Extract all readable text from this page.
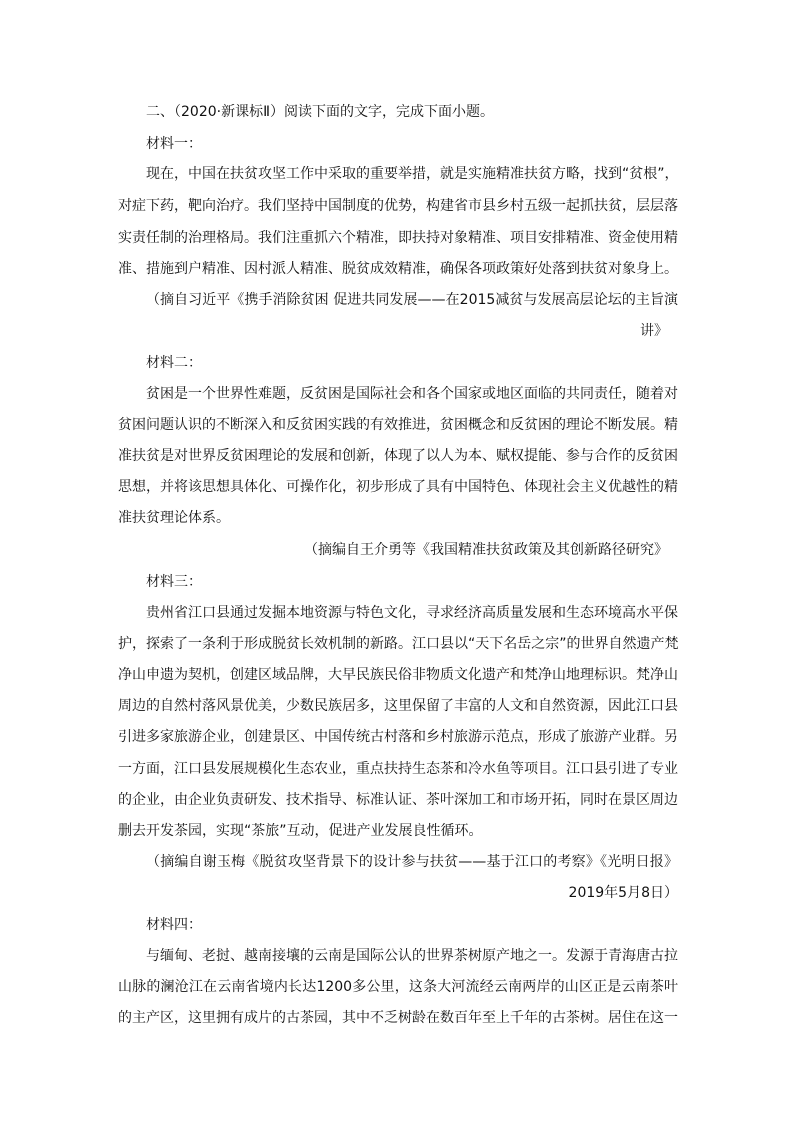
二、（2020·新课标Ⅱ）阅读下面的文字，完成下面小题。

材料一：

现在，中国在扶贫攻坚工作中采取的重要举措，就是实施精准扶贫方略，找到“贫根”，

对症下药，靶向治疗。我们坚持中国制度的优势，构建省市县乡村五级一起抓扶贫，层层落

实责任制的治理格局。我们注重抓六个精准，即扶持对象精准、项目安排精准、资金使用精

准、措施到户精准、因村派人精准、脱贫成效精准，确保各项政策好处落到扶贫对象身上。

（摘自习近平《携手消除贫困 促进共同发展——在2015减贫与发展高层论坛的主旨演

讲》

材料二：

贫困是一个世界性难题，反贫困是国际社会和各个国家或地区面临的共同责任，随着对

贫困问题认识的不断深入和反贫困实践的有效推进，贫困概念和反贫困的理论不断发展。精

准扶贫是对世界反贫困理论的发展和创新，体现了以人为本、赋权提能、参与合作的反贫困

思想，并将该思想具体化、可操作化，初步形成了具有中国特色、体现社会主义优越性的精

准扶贫理论体系。

（摘编自王介勇等《我国精准扶贫政策及其创新路径研究》

材料三：

贵州省江口县通过发掘本地资源与特色文化，寻求经济高质量发展和生态环境高水平保

护，探索了一条利于形成脱贫长效机制的新路。江口县以“天下名岳之宗”的世界自然遗产梵

净山申遗为契机，创建区域品牌，大早民族民俗非物质文化遗产和梵净山地理标识。梵净山

周边的自然村落风景优美，少数民族居多，这里保留了丰富的人文和自然资源，因此江口县

引进多家旅游企业，创建景区、中国传统古村落和乡村旅游示范点，形成了旅游产业群。另

一方面，江口县发展规模化生态农业，重点扶持生态茶和冷水鱼等项目。江口县引进了专业

的企业，由企业负责研发、技术指导、标准认证、茶叶深加工和市场开拓，同时在景区周边

删去开发茶园，实现“茶旅”互动，促进产业发展良性循环。

（摘编自谢玉梅《脱贫攻坚背景下的设计参与扶贫——基于江口的考察》《光明日报》

2019年5月8日）

材料四：

与缅甸、老挝、越南接壤的云南是国际公认的世界茶树原产地之一。发源于青海唐古拉

山脉的澜沧江在云南省境内长达1200多公里，这条大河流经云南两岸的山区正是云南茶叶

的主产区，这里拥有成片的古茶园，其中不乏树龄在数百年至上千年的古茶树。居住在这一
